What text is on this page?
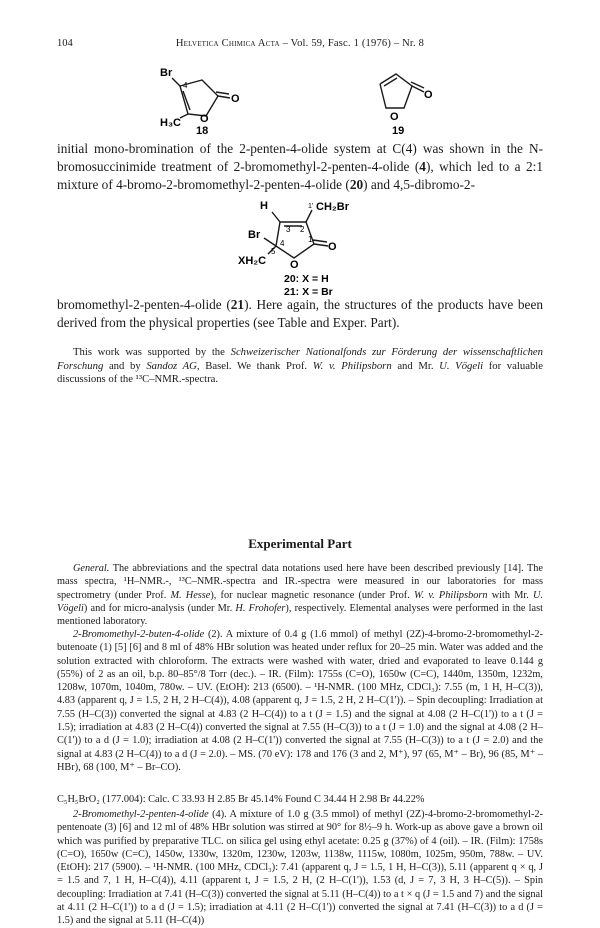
104	Helvetica Chimica Acta – Vol. 59, Fasc. 1 (1976) – Nr. 8
Br
4
H₃C O
O
18
O
O
19

initial mono-bromination of the 2-penten-4-olide system at C(4) was shown in the N-bromosuccinimide treatment of 2-bromomethyl-2-penten-4-olide (4), which led to a 2:1 mixture of 4-bromo-2-bromomethyl-2-penten-4-olide (20) and 4,5-dibromo-2-

H	CH₂Br
1'
Br	3 2
4
5
1
O
O
XH₂C
20: X = H
21: X = Br

bromomethyl-2-penten-4-olide (21). Here again, the structures of the products have been derived from the physical properties (see Table and Exper. Part).

This work was supported by the Schweizerischer Nationalfonds zur Förderung der wissenschaftlichen Forschung and by Sandoz AG, Basel. We thank Prof. W. v. Philipsborn and Mr. U. Vögeli for valuable discussions of the ¹³C–NMR.-spectra.

Experimental Part

General. The abbreviations and the spectral data notations used here have been described previously [14]. The mass spectra, ¹H–NMR.-, ¹³C–NMR.-spectra and IR.-spectra were measured in our laboratories for mass spectrometry (under Prof. M. Hesse), for nuclear magnetic resonance (under Prof. W. v. Philipsborn with Mr. U. Vögeli) and for micro-analysis (under Mr. H. Frohofer), respectively. Elemental analyses were performed in the last mentioned laboratory.

2-Bromomethyl-2-buten-4-olide (2). A mixture of 0.4 g (1.6 mmol) of methyl (2Z)-4-bromo-2-bromomethyl-2-butenoate (1) [5] [6] and 8 ml of 48% HBr solution was heated under reflux for 20–25 min. Water was added and the solution extracted with chloroform. The extracts were washed with water, dried and evaporated to leave 0.144 g (55%) of 2 as an oil, b.p. 80–85°/8 Torr (dec.). – IR. (Film): 1755s (C=O), 1650w (C=C), 1440m, 1350m, 1232m, 1208w, 1070m, 1040m, 780w. – UV. (EtOH): 213 (6500). – ¹H-NMR. (100 MHz, CDCl₃): 7.55 (m, 1 H, H–C(3)), 4.83 (apparent q, J = 1.5, 2 H, 2 H–C(4)), 4.08 (apparent q, J = 1.5, 2 H, 2 H–C(1')). – Spin decoupling: Irradiation at 7.55 (H–C(3)) converted the signal at 4.83 (2 H–C(4)) to a t (J = 1.5) and the signal at 4.08 (2 H–C(1')) to a t (J = 1.5); irradiation at 4.83 (2 H–C(4)) converted the signal at 7.55 (H–C(3)) to a t (J = 1.0) and the signal at 4.08 (2 H–C(1')) to a d (J = 1.0); irradiation at 4.08 (2 H–C(1')) converted the signal at 7.55 (H–C(3)) to a t (J = 2.0) and the signal at 4.83 (2 H–C(4)) to a d (J = 2.0). – MS. (70 eV): 178 and 176 (3 and 2, M⁺), 97 (65, M⁺ – Br), 96 (85, M⁺ – HBr), 68 (100, M⁺ – Br–CO).

C₅H₅BrO₂ (177.004): Calc. C 33.93 H 2.85 Br 45.14% Found C 34.44 H 2.98 Br 44.22%

2-Bromomethyl-2-penten-4-olide (4). A mixture of 1.0 g (3.5 mmol) of methyl (2Z)-4-bromo-2-bromomethyl-2-pentenoate (3) [6] and 12 ml of 48% HBr solution was stirred at 90° for 8½–9 h. Work-up as above gave a brown oil which was purified by preparative TLC. on silica gel using ethyl acetate: 0.25 g (37%) of 4 (oil). – IR. (Film): 1758s (C=O), 1650w (C=C), 1450w, 1330w, 1320m, 1230w, 1203w, 1138w, 1115w, 1080m, 1025m, 950m, 788w. – UV. (EtOH): 217 (5900). – ¹H-NMR. (100 MHz, CDCl₃): 7.41 (apparent q, J = 1.5, 1 H, H–C(3)), 5.11 (apparent q × q, J = 1.5 and 7, 1 H, H–C(4)), 4.11 (apparent t, J = 1.5, 2 H, (2 H–C(1')), 1.53 (d, J = 7, 3 H, 3 H–C(5)). – Spin decoupling: Irradiation at 7.41 (H–C(3)) converted the signal at 5.11 (H–C(4)) to a t × q (J = 1.5 and 7) and the signal at 4.11 (2 H–C(1')) to a d (J = 1.5); irradiation at 4.11 (2 H–C(1')) converted the signal at 7.41 (H–C(3)) to a d (J = 1.5) and the signal at 5.11 (H–C(4))
